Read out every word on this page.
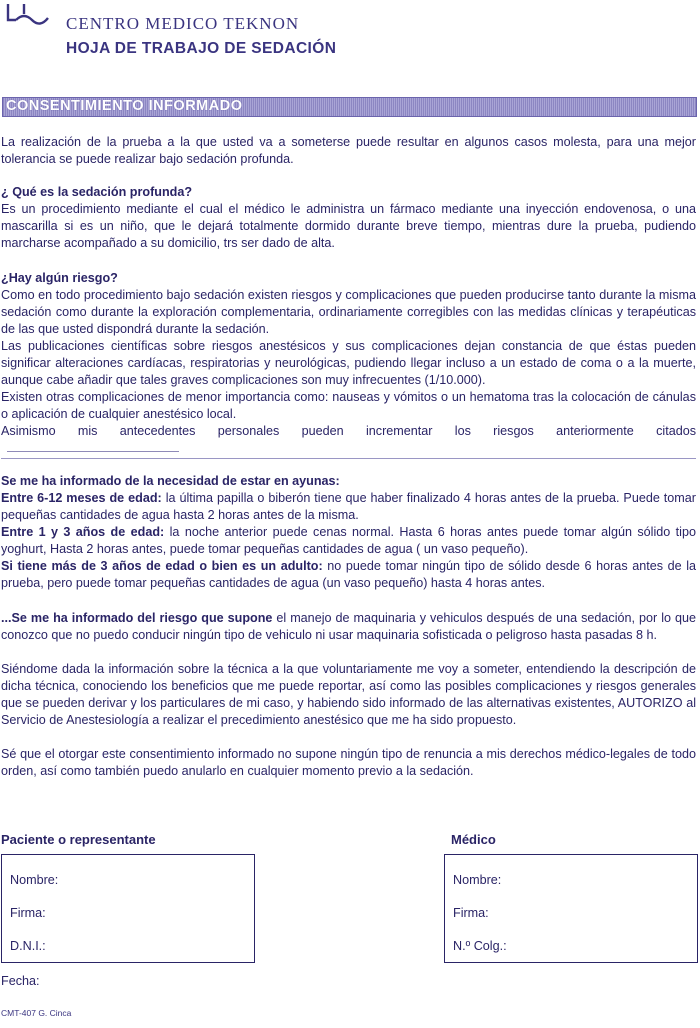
CENTRO MEDICO TEKNON
HOJA DE TRABAJO DE SEDACIÓN
CONSENTIMIENTO INFORMADO

La realización de la prueba a la que usted va a someterse puede resultar en algunos casos molesta, para una mejor tolerancia se puede realizar bajo sedación profunda.

¿ Qué es la sedación profunda?
Es un procedimiento mediante el cual el médico le administra un fármaco mediante una inyección endovenosa, o una mascarilla si es un niño, que le dejará totalmente dormido durante breve tiempo, mientras dure la prueba, pudiendo marcharse acompañado a su domicilio, trs ser dado de alta.

¿Hay algún riesgo?
Como en todo procedimiento bajo sedación existen riesgos y complicaciones que pueden producirse tanto durante la misma sedación como durante la exploración complementaria, ordinariamente corregibles con las medidas clínicas y terapéuticas de las que usted dispondrá durante la sedación.
Las publicaciones científicas sobre riesgos anestésicos y sus complicaciones dejan constancia de que éstas pueden significar alteraciones cardíacas, respiratorias y neurológicas, pudiendo llegar incluso a un estado de coma o a la muerte, aunque cabe añadir que tales graves complicaciones son muy infrecuentes (1/10.000).
Existen otras complicaciones de menor importancia como: nauseas y vómitos o un hematoma tras la colocación de cánulas o aplicación de cualquier anestésico local.
Asimismo mis antecedentes personales pueden incrementar los riesgos anteriormente citados

Se me ha informado de la necesidad de estar en ayunas:
Entre 6-12 meses de edad: la última papilla o biberón tiene que haber finalizado 4 horas antes de la prueba. Puede tomar pequeñas cantidades de agua hasta 2 horas antes de la misma.
Entre 1 y 3 años de edad: la noche anterior puede cenas normal. Hasta 6 horas antes puede tomar algún sólido tipo yoghurt, Hasta 2 horas antes, puede tomar pequeñas cantidades de agua ( un vaso pequeño).
Si tiene más de 3 años de edad o bien es un adulto: no puede tomar ningún tipo de sólido desde 6 horas antes de la prueba, pero puede tomar pequeñas cantidades de agua (un vaso pequeño) hasta 4 horas antes.

...Se me ha informado del riesgo que supone el manejo de maquinaria y vehiculos después de una sedación, por lo que conozco que no puedo conducir ningún tipo de vehiculo ni usar maquinaria sofisticada o peligroso hasta pasadas 8 h.

Siéndome dada la información sobre la técnica a la que voluntariamente me voy a someter, entendiendo la descripción de dicha técnica, conociendo los beneficios que me puede reportar, así como las posibles complicaciones y riesgos generales que se pueden derivar y los particulares de mi caso, y habiendo sido informado de las alternativas existentes, AUTORIZO al Servicio de Anestesiología a realizar el precedimiento anestésico que me ha sido propuesto.

Sé que el otorgar este consentimiento informado no supone ningún tipo de renuncia a mis derechos médico-legales de todo orden, así como también puedo anularlo en cualquier momento previo a la sedación.

Paciente o representante
Nombre:
Firma:
D.N.I.:
Médico
Nombre:
Firma:
N.º Colg.:
Fecha:
CMT-407 G. Cinca
